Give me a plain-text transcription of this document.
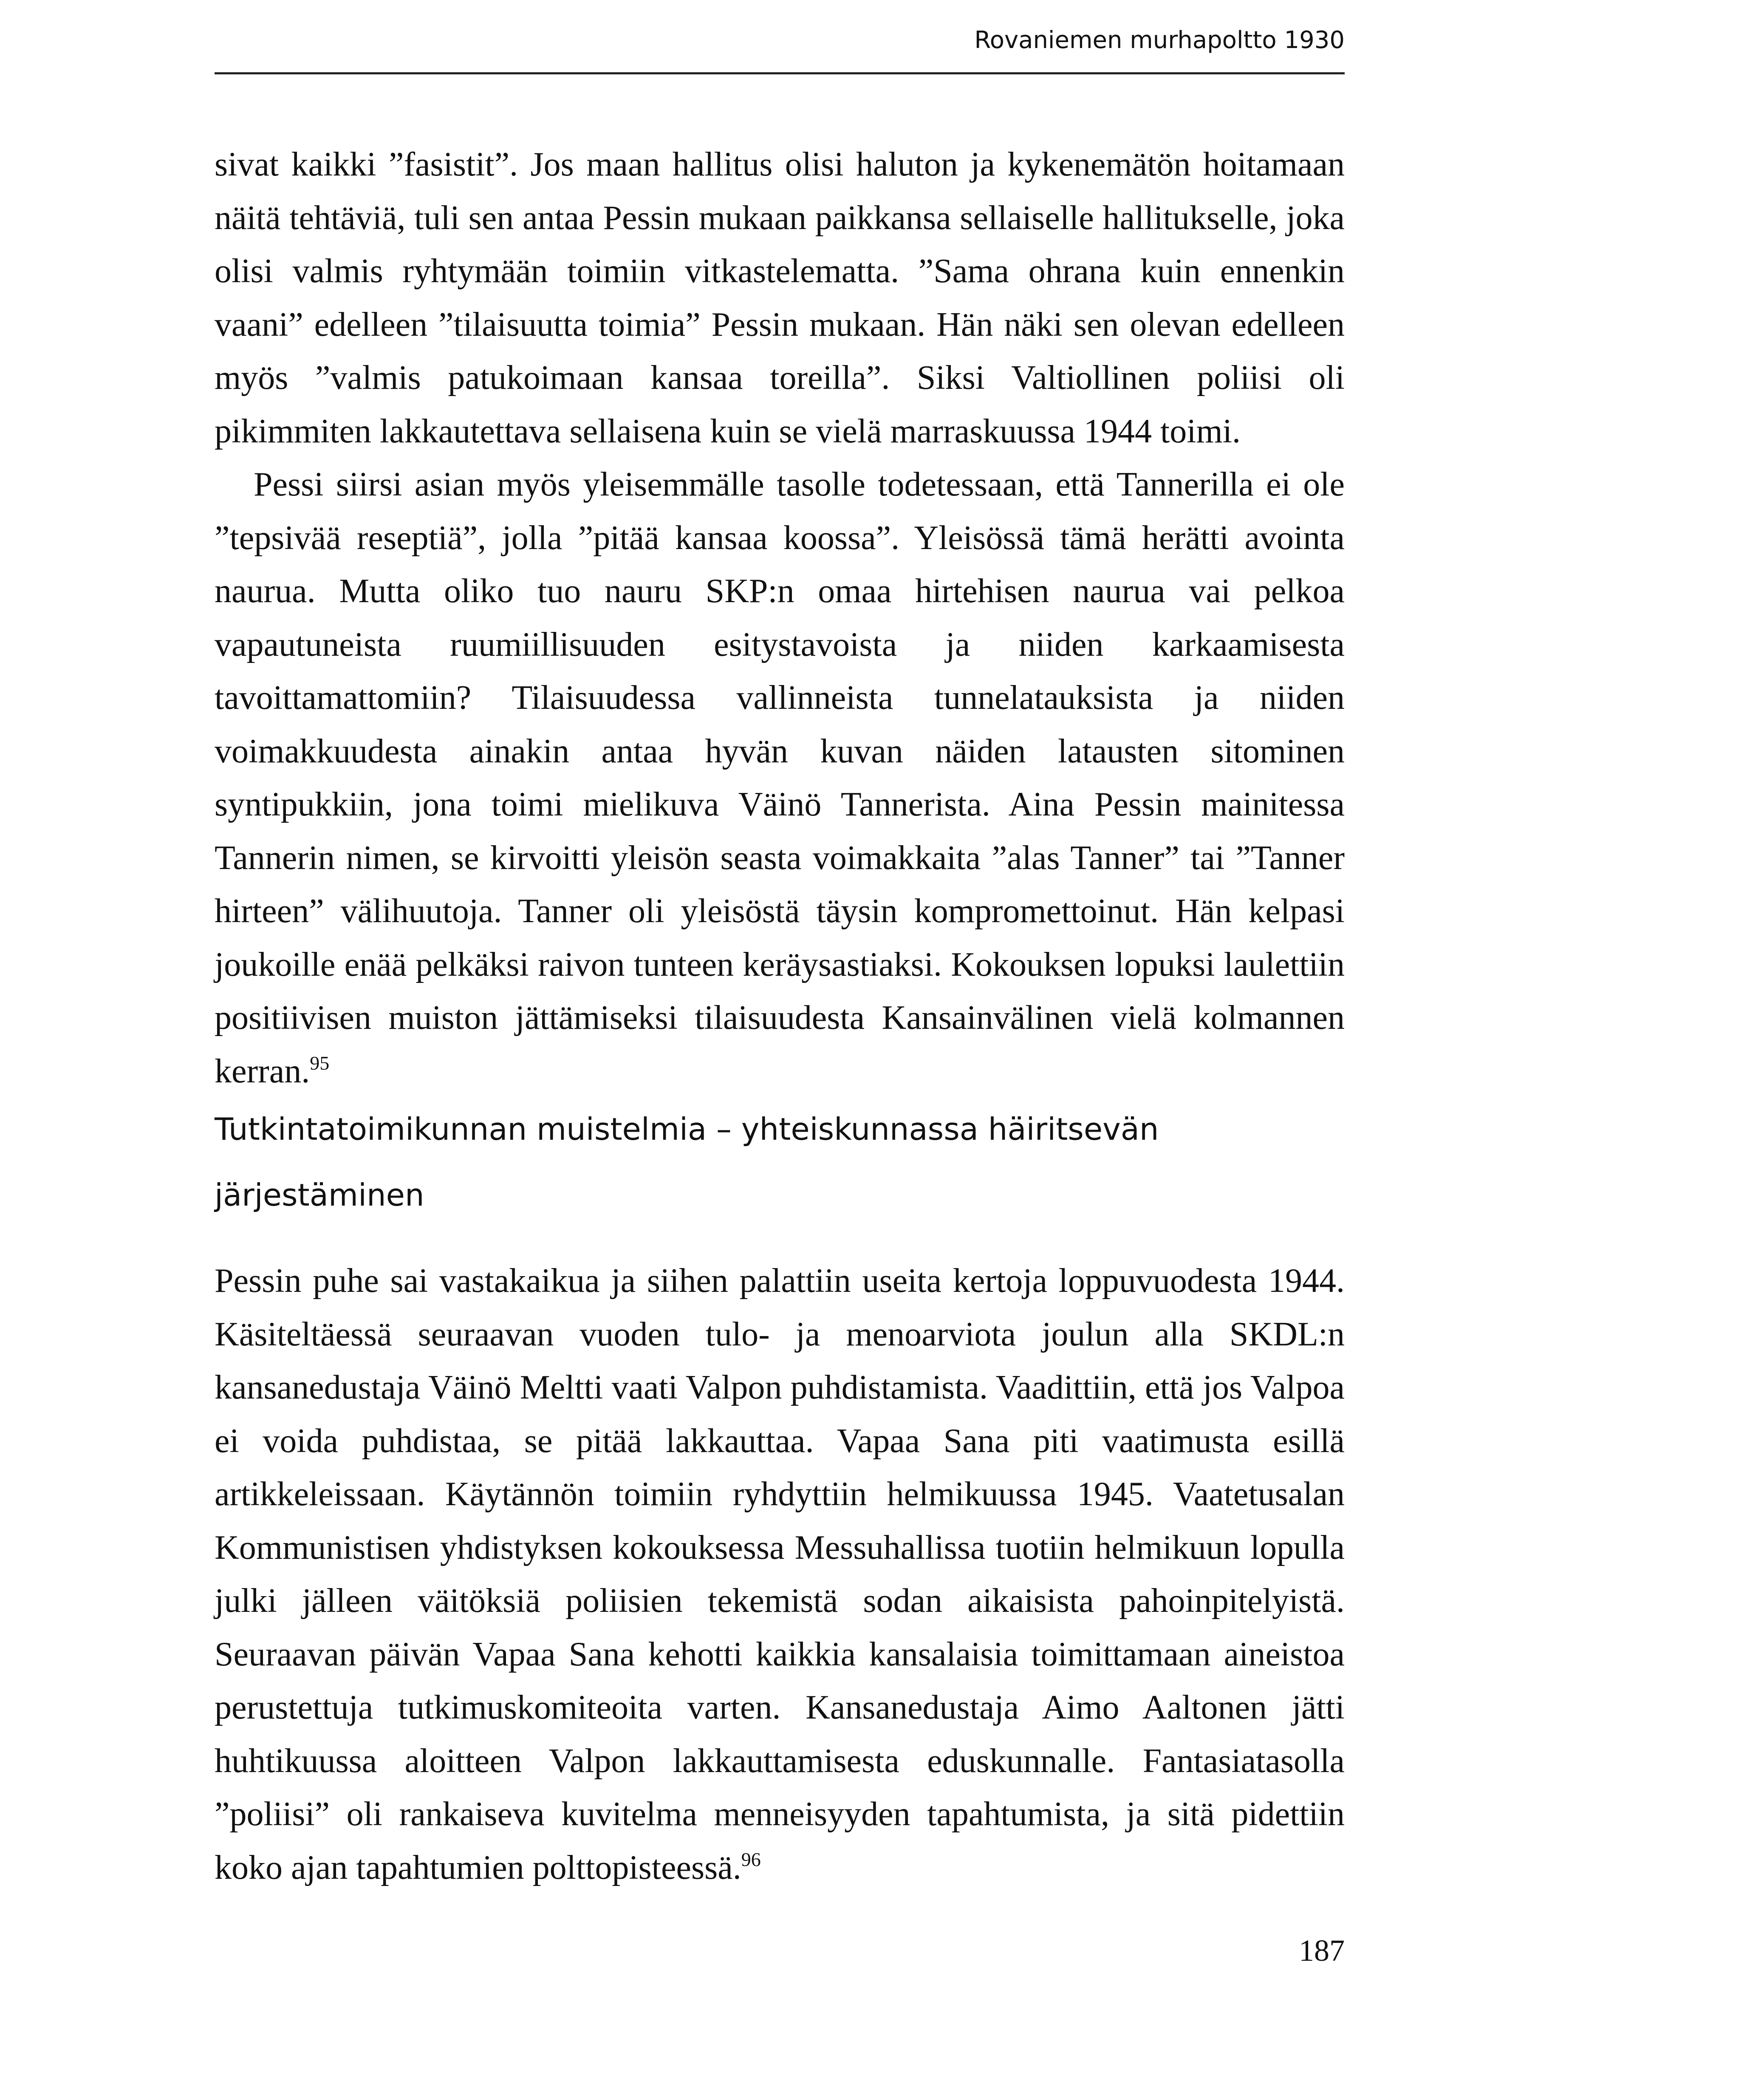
Rovaniemen murhapoltto 1930

sivat kaikki ”fasistit”. Jos maan hallitus olisi haluton ja kykenemätön hoitamaan näitä tehtäviä, tuli sen antaa Pessin mukaan paikkansa sellaiselle hallitukselle, joka olisi valmis ryhtymään toimiin vitkastelematta. ”Sama ohrana kuin ennenkin vaani” edelleen ”tilaisuutta toimia” Pessin mukaan. Hän näki sen olevan edelleen myös ”valmis patukoimaan kansaa toreilla”. Siksi Valtiollinen poliisi oli pikimmiten lakkautettava sellaisena kuin se vielä marraskuussa 1944 toimi.

Pessi siirsi asian myös yleisemmälle tasolle todetessaan, että Tannerilla ei ole ”tepsivää reseptiä”, jolla ”pitää kansaa koossa”. Yleisössä tämä herätti avointa naurua. Mutta oliko tuo nauru SKP:n omaa hirtehisen naurua vai pelkoa vapautuneista ruumiillisuuden esitystavoista ja niiden karkaamisesta tavoittamattomiin? Tilaisuudessa vallinneista tunnelatauksista ja niiden voimakkuudesta ainakin antaa hyvän kuvan näiden latausten sitominen syntipukkiin, jona toimi mielikuva Väinö Tannerista. Aina Pessin mainitessa Tannerin nimen, se kirvoitti yleisön seasta voimakkaita ”alas Tanner” tai ”Tanner hirteen” välihuutoja. Tanner oli yleisöstä täysin kompromettoinut. Hän kelpasi joukoille enää pelkäksi raivon tunteen keräysastiaksi. Kokouksen lopuksi laulettiin positiivisen muiston jättämiseksi tilaisuudesta Kansainvälinen vielä kolmannen kerran.$^{95}$

Tutkintatoimikunnan muistelmia – yhteiskunnassa häiritsevän
järjestäminen

Pessin puhe sai vastakaikua ja siihen palattiin useita kertoja loppuvuodesta 1944. Käsiteltäessä seuraavan vuoden tulo- ja menoarviota joulun alla SKDL:n kansanedustaja Väinö Meltti vaati Valpon puhdistamista. Vaadittiin, että jos Valpoa ei voida puhdistaa, se pitää lakkauttaa. Vapaa Sana piti vaatimusta esillä artikkeleissaan. Käytännön toimiin ryhdyttiin helmikuussa 1945. Vaatetusalan Kommunistisen yhdistyksen kokouksessa Messuhallissa tuotiin helmikuun lopulla julki jälleen väitöksiä poliisien tekemistä sodan aikaisista pahoinpitelyistä. Seuraavan päivän Vapaa Sana kehotti kaikkia kansalaisia toimittamaan aineistoa perustettuja tutkimuskomiteoita varten. Kansanedustaja Aimo Aaltonen jätti huhtikuussa aloitteen Valpon lakkauttamisesta eduskunnalle. Fantasiatasolla ”poliisi” oli rankaiseva kuvitelma menneisyyden tapahtumista, ja sitä pidettiin koko ajan tapahtumien polttopisteessä.$^{96}$

187
